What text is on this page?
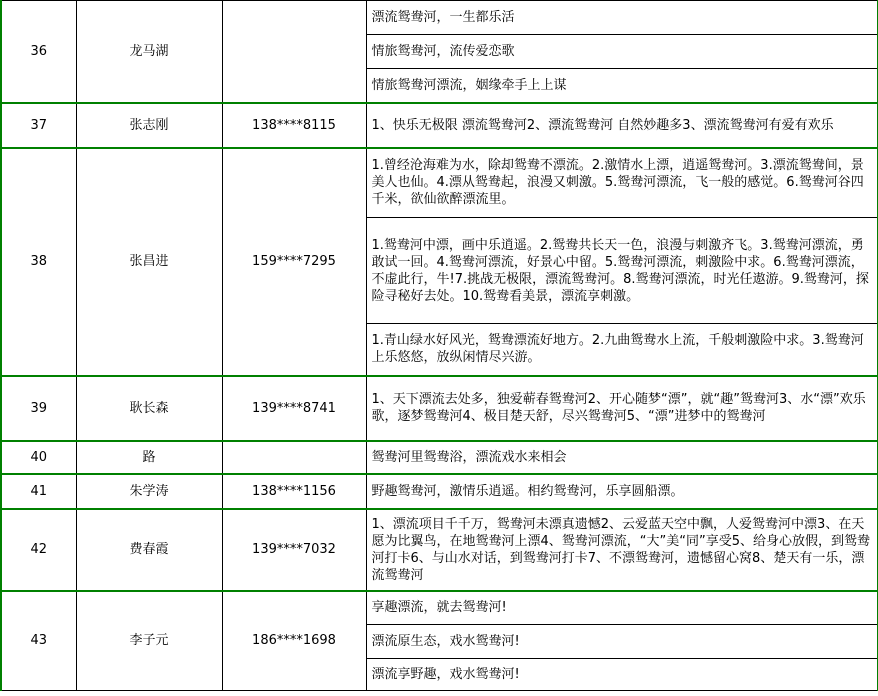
36	龙马湖		漂流鸳鸯河，一生都乐活
			情旅鸳鸯河，流传爱恋歌
			情旅鸳鸯河漂流，姻缘牵手上上谋
37	张志刚	138****8115	1、快乐无极限 漂流鸳鸯河2、漂流鸳鸯河 自然妙趣多3、漂流鸳鸯河有爱有欢乐
38	张昌进	159****7295	1.曾经沧海难为水，除却鸳鸯不漂流。2.激情水上漂，逍遥鸳鸯河。3.漂流鸳鸯间，景美人也仙。4.漂从鸳鸯起，浪漫又刺激。5.鸳鸯河漂流，飞一般的感觉。6.鸳鸯河谷四千米，欲仙欲醉漂流里。
			1.鸳鸯河中漂，画中乐逍遥。2.鸳鸯共长天一色，浪漫与刺激齐飞。3.鸳鸯河漂流，勇敢试一回。4.鸳鸯河漂流，好景心中留。5.鸳鸯河漂流，刺激险中求。6.鸳鸯河漂流，不虚此行，牛!7.挑战无极限，漂流鸳鸯河。8.鸳鸯河漂流，时光任遨游。9.鸳鸯河，探险寻秘好去处。10.鸳鸯看美景，漂流享刺激。
			1.青山绿水好风光，鸳鸯漂流好地方。2.九曲鸳鸯水上流，千般刺激险中求。3.鸳鸯河上乐悠悠，放纵闲情尽兴游。
39	耿长森	139****8741	1、天下漂流去处多，独爱蕲春鸳鸯河2、开心随梦“漂”，就“趣”鸳鸯河3、水“漂”欢乐歌，逐梦鸳鸯河4、极目楚天舒，尽兴鸳鸯河5、“漂”进梦中的鸳鸯河
40	路		鸳鸯河里鸳鸯浴，漂流戏水来相会
41	朱学涛	138****1156	野趣鸳鸯河，激情乐逍遥。相约鸳鸯河，乐享圆船漂。
42	费春霞	139****7032	1、漂流项目千千万，鸳鸯河未漂真遗憾2、云爱蓝天空中飘，人爱鸳鸯河中漂3、在天愿为比翼鸟，在地鸳鸯河上漂4、鸳鸯河漂流，“大”美“同”享受5、给身心放假，到鸳鸯河打卡6、与山水对话，到鸳鸯河打卡7、不漂鸳鸯河，遗憾留心窝8、楚天有一乐，漂流鸳鸯河
43	李子元	186****1698	享趣漂流，就去鸳鸯河!
			漂流原生态，戏水鸳鸯河!
			漂流享野趣，戏水鸳鸯河!
